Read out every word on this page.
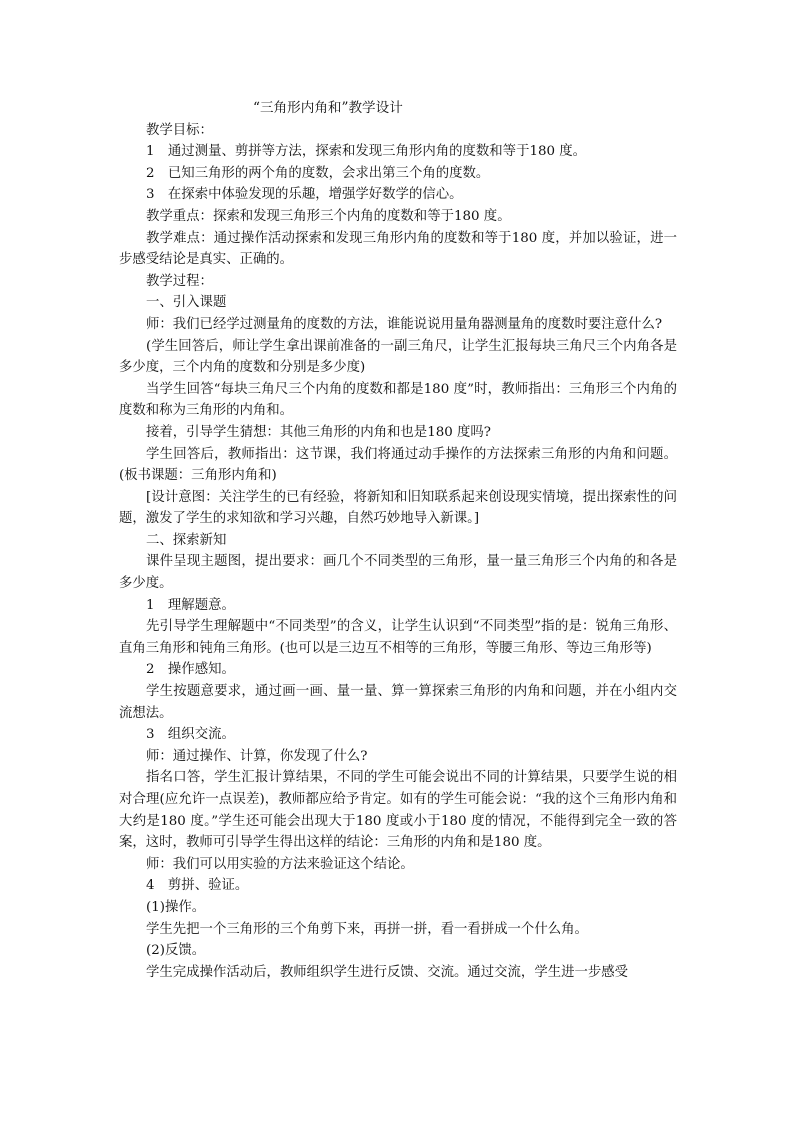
“三角形内角和”教学设计

教学目标：

1　通过测量、剪拼等方法，探索和发现三角形内角的度数和等于180 度。

2　已知三角形的两个角的度数，会求出第三个角的度数。

3　在探索中体验发现的乐趣，增强学好数学的信心。

教学重点：探索和发现三角形三个内角的度数和等于180 度。

教学难点：通过操作活动探索和发现三角形内角的度数和等于180 度，并加以验证，进一步感受结论是真实、正确的。

教学过程：

一、引入课题

师：我们已经学过测量角的度数的方法，谁能说说用量角器测量角的度数时要注意什么?

(学生回答后，师让学生拿出课前准备的一副三角尺，让学生汇报每块三角尺三个内角各是多少度，三个内角的度数和分别是多少度)

当学生回答“每块三角尺三个内角的度数和都是180 度”时，教师指出：三角形三个内角的度数和称为三角形的内角和。

接着，引导学生猜想：其他三角形的内角和也是180 度吗?

学生回答后，教师指出：这节课，我们将通过动手操作的方法探索三角形的内角和问题。(板书课题：三角形内角和)

[设计意图：关注学生的已有经验，将新知和旧知联系起来创设现实情境，提出探索性的问题，激发了学生的求知欲和学习兴趣，自然巧妙地导入新课。]

二、探索新知

课件呈现主题图，提出要求：画几个不同类型的三角形，量一量三角形三个内角的和各是多少度。

1　理解题意。

先引导学生理解题中“不同类型”的含义，让学生认识到“不同类型”指的是：锐角三角形、直角三角形和钝角三角形。(也可以是三边互不相等的三角形，等腰三角形、等边三角形等)

2　操作感知。

学生按题意要求，通过画一画、量一量、算一算探索三角形的内角和问题，并在小组内交流想法。

3　组织交流。

师：通过操作、计算，你发现了什么?

指名口答，学生汇报计算结果，不同的学生可能会说出不同的计算结果，只要学生说的相对合理(应允许一点误差)，教师都应给予肯定。如有的学生可能会说：“我的这个三角形内角和大约是180 度。”学生还可能会出现大于180 度或小于180 度的情况，不能得到完全一致的答案，这时，教师可引导学生得出这样的结论：三角形的内角和是180 度。

师：我们可以用实验的方法来验证这个结论。

4　剪拼、验证。

(1)操作。

学生先把一个三角形的三个角剪下来，再拼一拼，看一看拼成一个什么角。

(2)反馈。

学生完成操作活动后，教师组织学生进行反馈、交流。通过交流，学生进一步感受
